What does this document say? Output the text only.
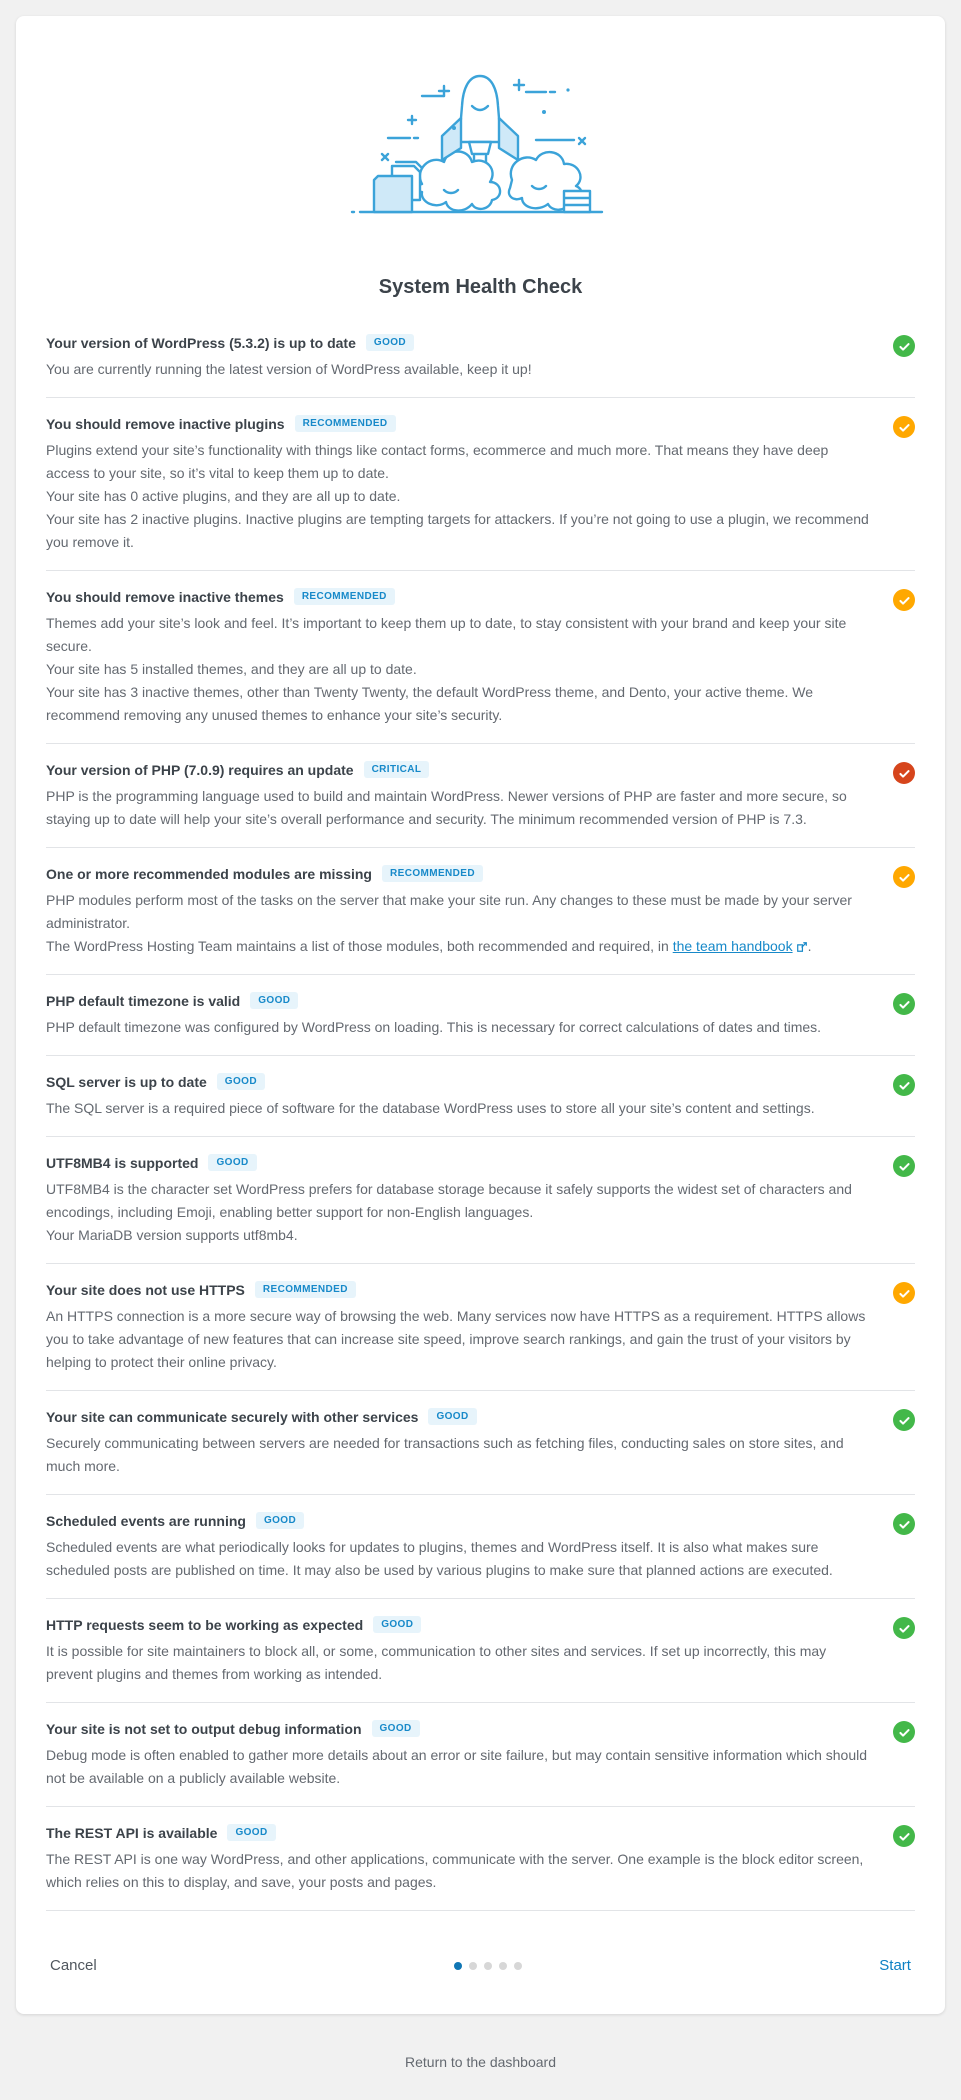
System Health Check
Your version of WordPress (5.3.2) is up to date	GOOD
You are currently running the latest version of WordPress available, keep it up!
You should remove inactive plugins	RECOMMENDED
Plugins extend your site’s functionality with things like contact forms, ecommerce and much more. That means they have deep access to your site, so it’s vital to keep them up to date.
Your site has 0 active plugins, and they are all up to date.
Your site has 2 inactive plugins. Inactive plugins are tempting targets for attackers. If you’re not going to use a plugin, we recommend you remove it.
You should remove inactive themes	RECOMMENDED
Themes add your site’s look and feel. It’s important to keep them up to date, to stay consistent with your brand and keep your site secure.
Your site has 5 installed themes, and they are all up to date.
Your site has 3 inactive themes, other than Twenty Twenty, the default WordPress theme, and Dento, your active theme. We recommend removing any unused themes to enhance your site’s security.
Your version of PHP (7.0.9) requires an update	CRITICAL
PHP is the programming language used to build and maintain WordPress. Newer versions of PHP are faster and more secure, so staying up to date will help your site’s overall performance and security. The minimum recommended version of PHP is 7.3.
One or more recommended modules are missing	RECOMMENDED
PHP modules perform most of the tasks on the server that make your site run. Any changes to these must be made by your server administrator.
The WordPress Hosting Team maintains a list of those modules, both recommended and required, in the team handbook .
PHP default timezone is valid	GOOD
PHP default timezone was configured by WordPress on loading. This is necessary for correct calculations of dates and times.
SQL server is up to date	GOOD
The SQL server is a required piece of software for the database WordPress uses to store all your site’s content and settings.
UTF8MB4 is supported	GOOD
UTF8MB4 is the character set WordPress prefers for database storage because it safely supports the widest set of characters and encodings, including Emoji, enabling better support for non-English languages.
Your MariaDB version supports utf8mb4.
Your site does not use HTTPS	RECOMMENDED
An HTTPS connection is a more secure way of browsing the web. Many services now have HTTPS as a requirement. HTTPS allows you to take advantage of new features that can increase site speed, improve search rankings, and gain the trust of your visitors by helping to protect their online privacy.
Your site can communicate securely with other services	GOOD
Securely communicating between servers are needed for transactions such as fetching files, conducting sales on store sites, and much more.
Scheduled events are running	GOOD
Scheduled events are what periodically looks for updates to plugins, themes and WordPress itself. It is also what makes sure scheduled posts are published on time. It may also be used by various plugins to make sure that planned actions are executed.
HTTP requests seem to be working as expected	GOOD
It is possible for site maintainers to block all, or some, communication to other sites and services. If set up incorrectly, this may prevent plugins and themes from working as intended.
Your site is not set to output debug information	GOOD
Debug mode is often enabled to gather more details about an error or site failure, but may contain sensitive information which should not be available on a publicly available website.
The REST API is available	GOOD
The REST API is one way WordPress, and other applications, communicate with the server. One example is the block editor screen, which relies on this to display, and save, your posts and pages.
Cancel	Start
Return to the dashboard
